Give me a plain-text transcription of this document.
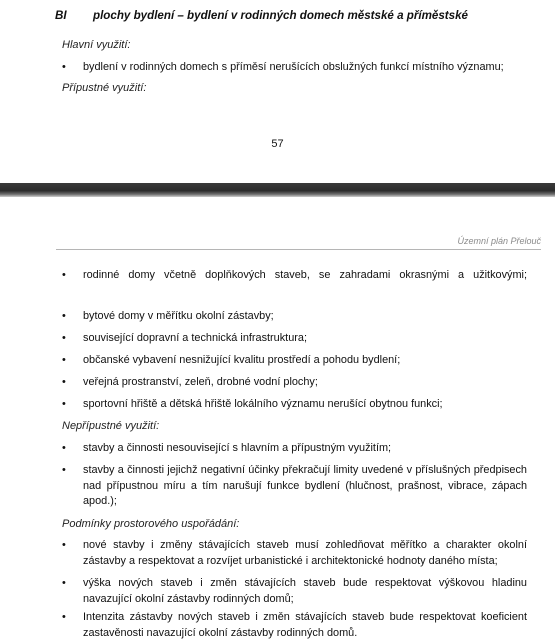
BI plochy bydlení – bydlení v rodinných domech městské a příměstské
Hlavní využití:
• bydlení v rodinných domech s příměsí nerušících obslužných funkcí místního významu;
Přípustné využití:
57
Územní plán Přelouč
• rodinné domy včetně doplňkových staveb, se zahradami okrasnými a užitkovými;
• bytové domy v měřítku okolní zástavby;
• související dopravní a technická infrastruktura;
• občanské vybavení nesnižující kvalitu prostředí a pohodu bydlení;
• veřejná prostranství, zeleň, drobné vodní plochy;
• sportovní hřiště a dětská hřiště lokálního významu nerušící obytnou funkci;
Nepřípustné využití:
• stavby a činnosti nesouvisející s hlavním a přípustným využitím;
• stavby a činnosti jejichž negativní účinky překračují limity uvedené v příslušných předpisech nad přípustnou míru a tím narušují funkce bydlení (hlučnost, prašnost, vibrace, zápach apod.);
Podmínky prostorového uspořádání:
• nové stavby i změny stávajících staveb musí zohledňovat měřítko a charakter okolní zástavby a respektovat a rozvíjet urbanistické i architektonické hodnoty daného místa;
• výška nových staveb i změn stávajících staveb bude respektovat výškovou hladinu navazující okolní zástavby rodinných domů;
• Intenzita zástavby nových staveb i změn stávajících staveb bude respektovat koeficient zastavěnosti navazující okolní zástavby rodinných domů.
